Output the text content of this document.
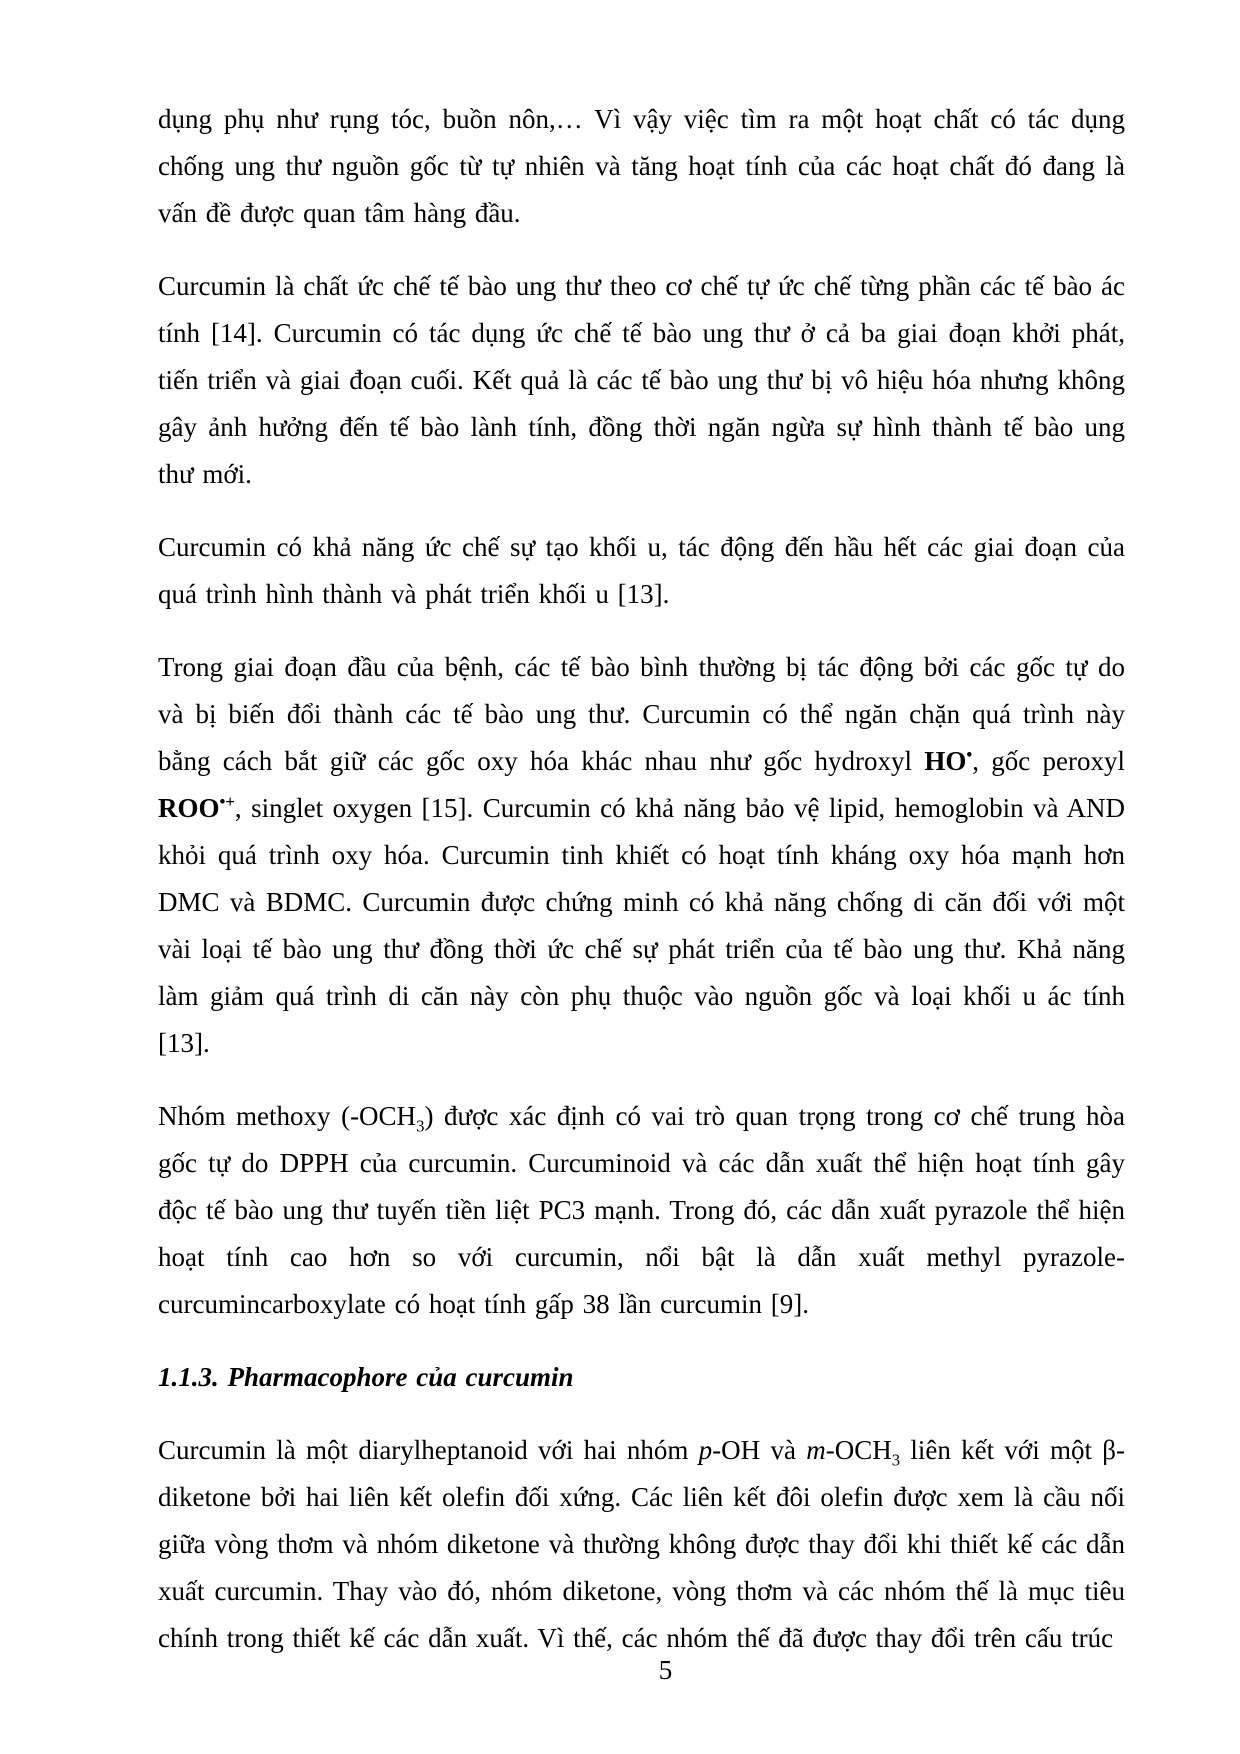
dụng phụ như rụng tóc, buồn nôn,… Vì vậy việc tìm ra một hoạt chất có tác dụng chống ung thư nguồn gốc từ tự nhiên và tăng hoạt tính của các hoạt chất đó đang là vấn đề được quan tâm hàng đầu.

Curcumin là chất ức chế tế bào ung thư theo cơ chế tự ức chế từng phần các tế bào ác tính [14]. Curcumin có tác dụng ức chế tế bào ung thư ở cả ba giai đoạn khởi phát, tiến triển và giai đoạn cuối. Kết quả là các tế bào ung thư bị vô hiệu hóa nhưng không gây ảnh hưởng đến tế bào lành tính, đồng thời ngăn ngừa sự hình thành tế bào ung thư mới.

Curcumin có khả năng ức chế sự tạo khối u, tác động đến hầu hết các giai đoạn của quá trình hình thành và phát triển khối u [13].

Trong giai đoạn đầu của bệnh, các tế bào bình thường bị tác động bởi các gốc tự do và bị biến đổi thành các tế bào ung thư. Curcumin có thể ngăn chặn quá trình này bằng cách bắt giữ các gốc oxy hóa khác nhau như gốc hydroxyl HO•, gốc peroxyl ROO•+, singlet oxygen [15]. Curcumin có khả năng bảo vệ lipid, hemoglobin và AND khỏi quá trình oxy hóa. Curcumin tinh khiết có hoạt tính kháng oxy hóa mạnh hơn DMC và BDMC. Curcumin được chứng minh có khả năng chống di căn đối với một vài loại tế bào ung thư đồng thời ức chế sự phát triển của tế bào ung thư. Khả năng làm giảm quá trình di căn này còn phụ thuộc vào nguồn gốc và loại khối u ác tính [13].

Nhóm methoxy $(-OCH_3)$ được xác định có vai trò quan trọng trong cơ chế trung hòa gốc tự do DPPH của curcumin. Curcuminoid và các dẫn xuất thể hiện hoạt tính gây độc tế bào ung thư tuyến tiền liệt PC3 mạnh. Trong đó, các dẫn xuất pyrazole thể hiện hoạt tính cao hơn so với curcumin, nổi bật là dẫn xuất methyl pyrazole-curcumincarboxylate có hoạt tính gấp 38 lần curcumin [9].

1.1.3. Pharmacophore của curcumin

Curcumin là một diarylheptanoid với hai nhóm p-OH và $m-OCH_3$ liên kết với một β-diketone bởi hai liên kết olefin đối xứng. Các liên kết đôi olefin được xem là cầu nối giữa vòng thơm và nhóm diketone và thường không được thay đổi khi thiết kế các dẫn xuất curcumin. Thay vào đó, nhóm diketone, vòng thơm và các nhóm thế là mục tiêu chính trong thiết kế các dẫn xuất. Vì thế, các nhóm thế đã được thay đổi trên cấu trúc

5
